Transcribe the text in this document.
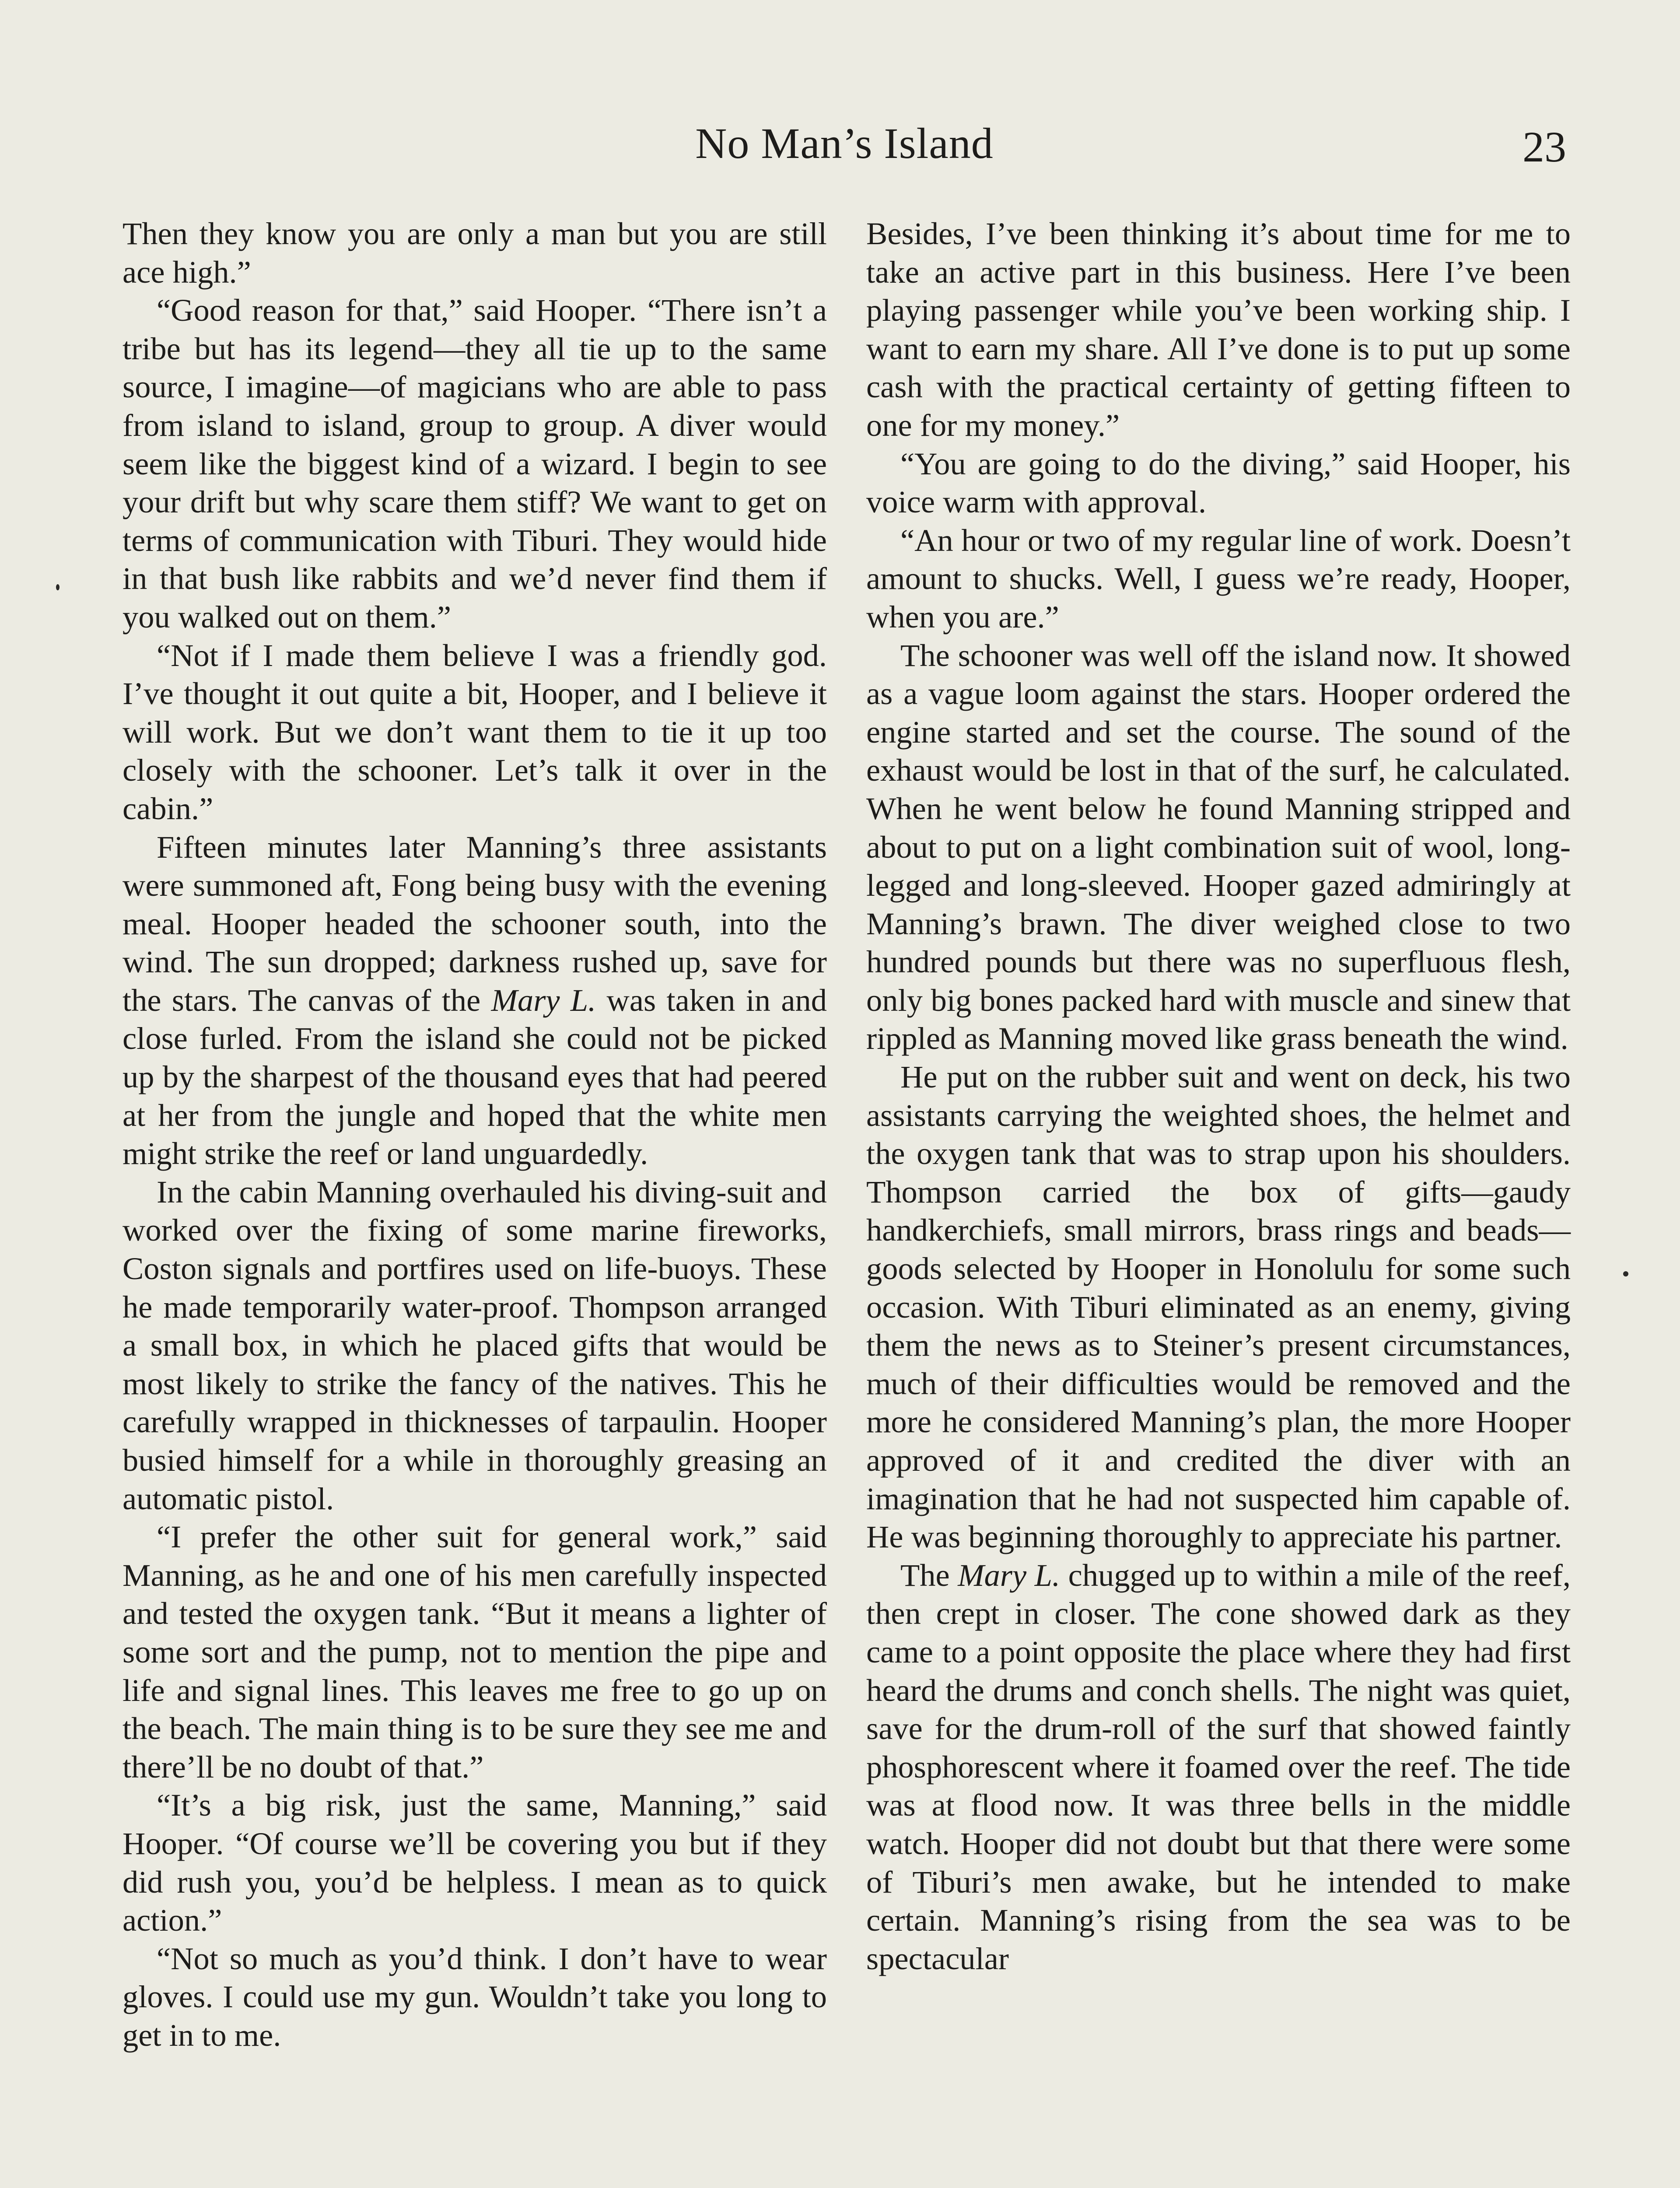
No Man’s Island	23

Then they know you are only a man but you are still ace high.”

“Good reason for that,” said Hooper. “There isn’t a tribe but has its legend—they all tie up to the same source, I imagine—of magicians who are able to pass from island to island, group to group. A diver would seem like the biggest kind of a wizard. I begin to see your drift but why scare them stiff? We want to get on terms of communication with Tiburi. They would hide in that bush like rabbits and we’d never find them if you walked out on them.”

“Not if I made them believe I was a friendly god. I’ve thought it out quite a bit, Hooper, and I believe it will work. But we don’t want them to tie it up too closely with the schooner. Let’s talk it over in the cabin.”

Fifteen minutes later Manning’s three assistants were summoned aft, Fong being busy with the evening meal. Hooper headed the schooner south, into the wind. The sun dropped; darkness rushed up, save for the stars. The canvas of the Mary L. was taken in and close furled. From the island she could not be picked up by the sharpest of the thousand eyes that had peered at her from the jungle and hoped that the white men might strike the reef or land unguardedly.

In the cabin Manning overhauled his diving-suit and worked over the fixing of some marine fireworks, Coston signals and portfires used on life-buoys. These he made temporarily water-proof. Thompson arranged a small box, in which he placed gifts that would be most likely to strike the fancy of the natives. This he carefully wrapped in thicknesses of tarpaulin. Hooper busied himself for a while in thoroughly greasing an automatic pistol.

“I prefer the other suit for general work,” said Manning, as he and one of his men carefully inspected and tested the oxygen tank. “But it means a lighter of some sort and the pump, not to mention the pipe and life and signal lines. This leaves me free to go up on the beach. The main thing is to be sure they see me and there’ll be no doubt of that.”

“It’s a big risk, just the same, Manning,” said Hooper. “Of course we’ll be covering you but if they did rush you, you’d be helpless. I mean as to quick action.”

“Not so much as you’d think. I don’t have to wear gloves. I could use my gun. Wouldn’t take you long to get in to me.

Besides, I’ve been thinking it’s about time for me to take an active part in this business. Here I’ve been playing passenger while you’ve been working ship. I want to earn my share. All I’ve done is to put up some cash with the practical certainty of getting fifteen to one for my money.”

“You are going to do the diving,” said Hooper, his voice warm with approval.

“An hour or two of my regular line of work. Doesn’t amount to shucks. Well, I guess we’re ready, Hooper, when you are.”

The schooner was well off the island now. It showed as a vague loom against the stars. Hooper ordered the engine started and set the course. The sound of the exhaust would be lost in that of the surf, he calculated. When he went below he found Manning stripped and about to put on a light combination suit of wool, long-legged and long-sleeved. Hooper gazed admiringly at Manning’s brawn. The diver weighed close to two hundred pounds but there was no superfluous flesh, only big bones packed hard with muscle and sinew that rippled as Manning moved like grass beneath the wind.

He put on the rubber suit and went on deck, his two assistants carrying the weighted shoes, the helmet and the oxygen tank that was to strap upon his shoulders. Thompson carried the box of gifts—gaudy handkerchiefs, small mirrors, brass rings and beads—goods selected by Hooper in Honolulu for some such occasion. With Tiburi eliminated as an enemy, giving them the news as to Steiner’s present circumstances, much of their difficulties would be removed and the more he considered Manning’s plan, the more Hooper approved of it and credited the diver with an imagination that he had not suspected him capable of. He was beginning thoroughly to appreciate his partner.

The Mary L. chugged up to within a mile of the reef, then crept in closer. The cone showed dark as they came to a point opposite the place where they had first heard the drums and conch shells. The night was quiet, save for the drum-roll of the surf that showed faintly phosphorescent where it foamed over the reef. The tide was at flood now. It was three bells in the middle watch. Hooper did not doubt but that there were some of Tiburi’s men awake, but he intended to make certain. Manning’s rising from the sea was to be spectacular
